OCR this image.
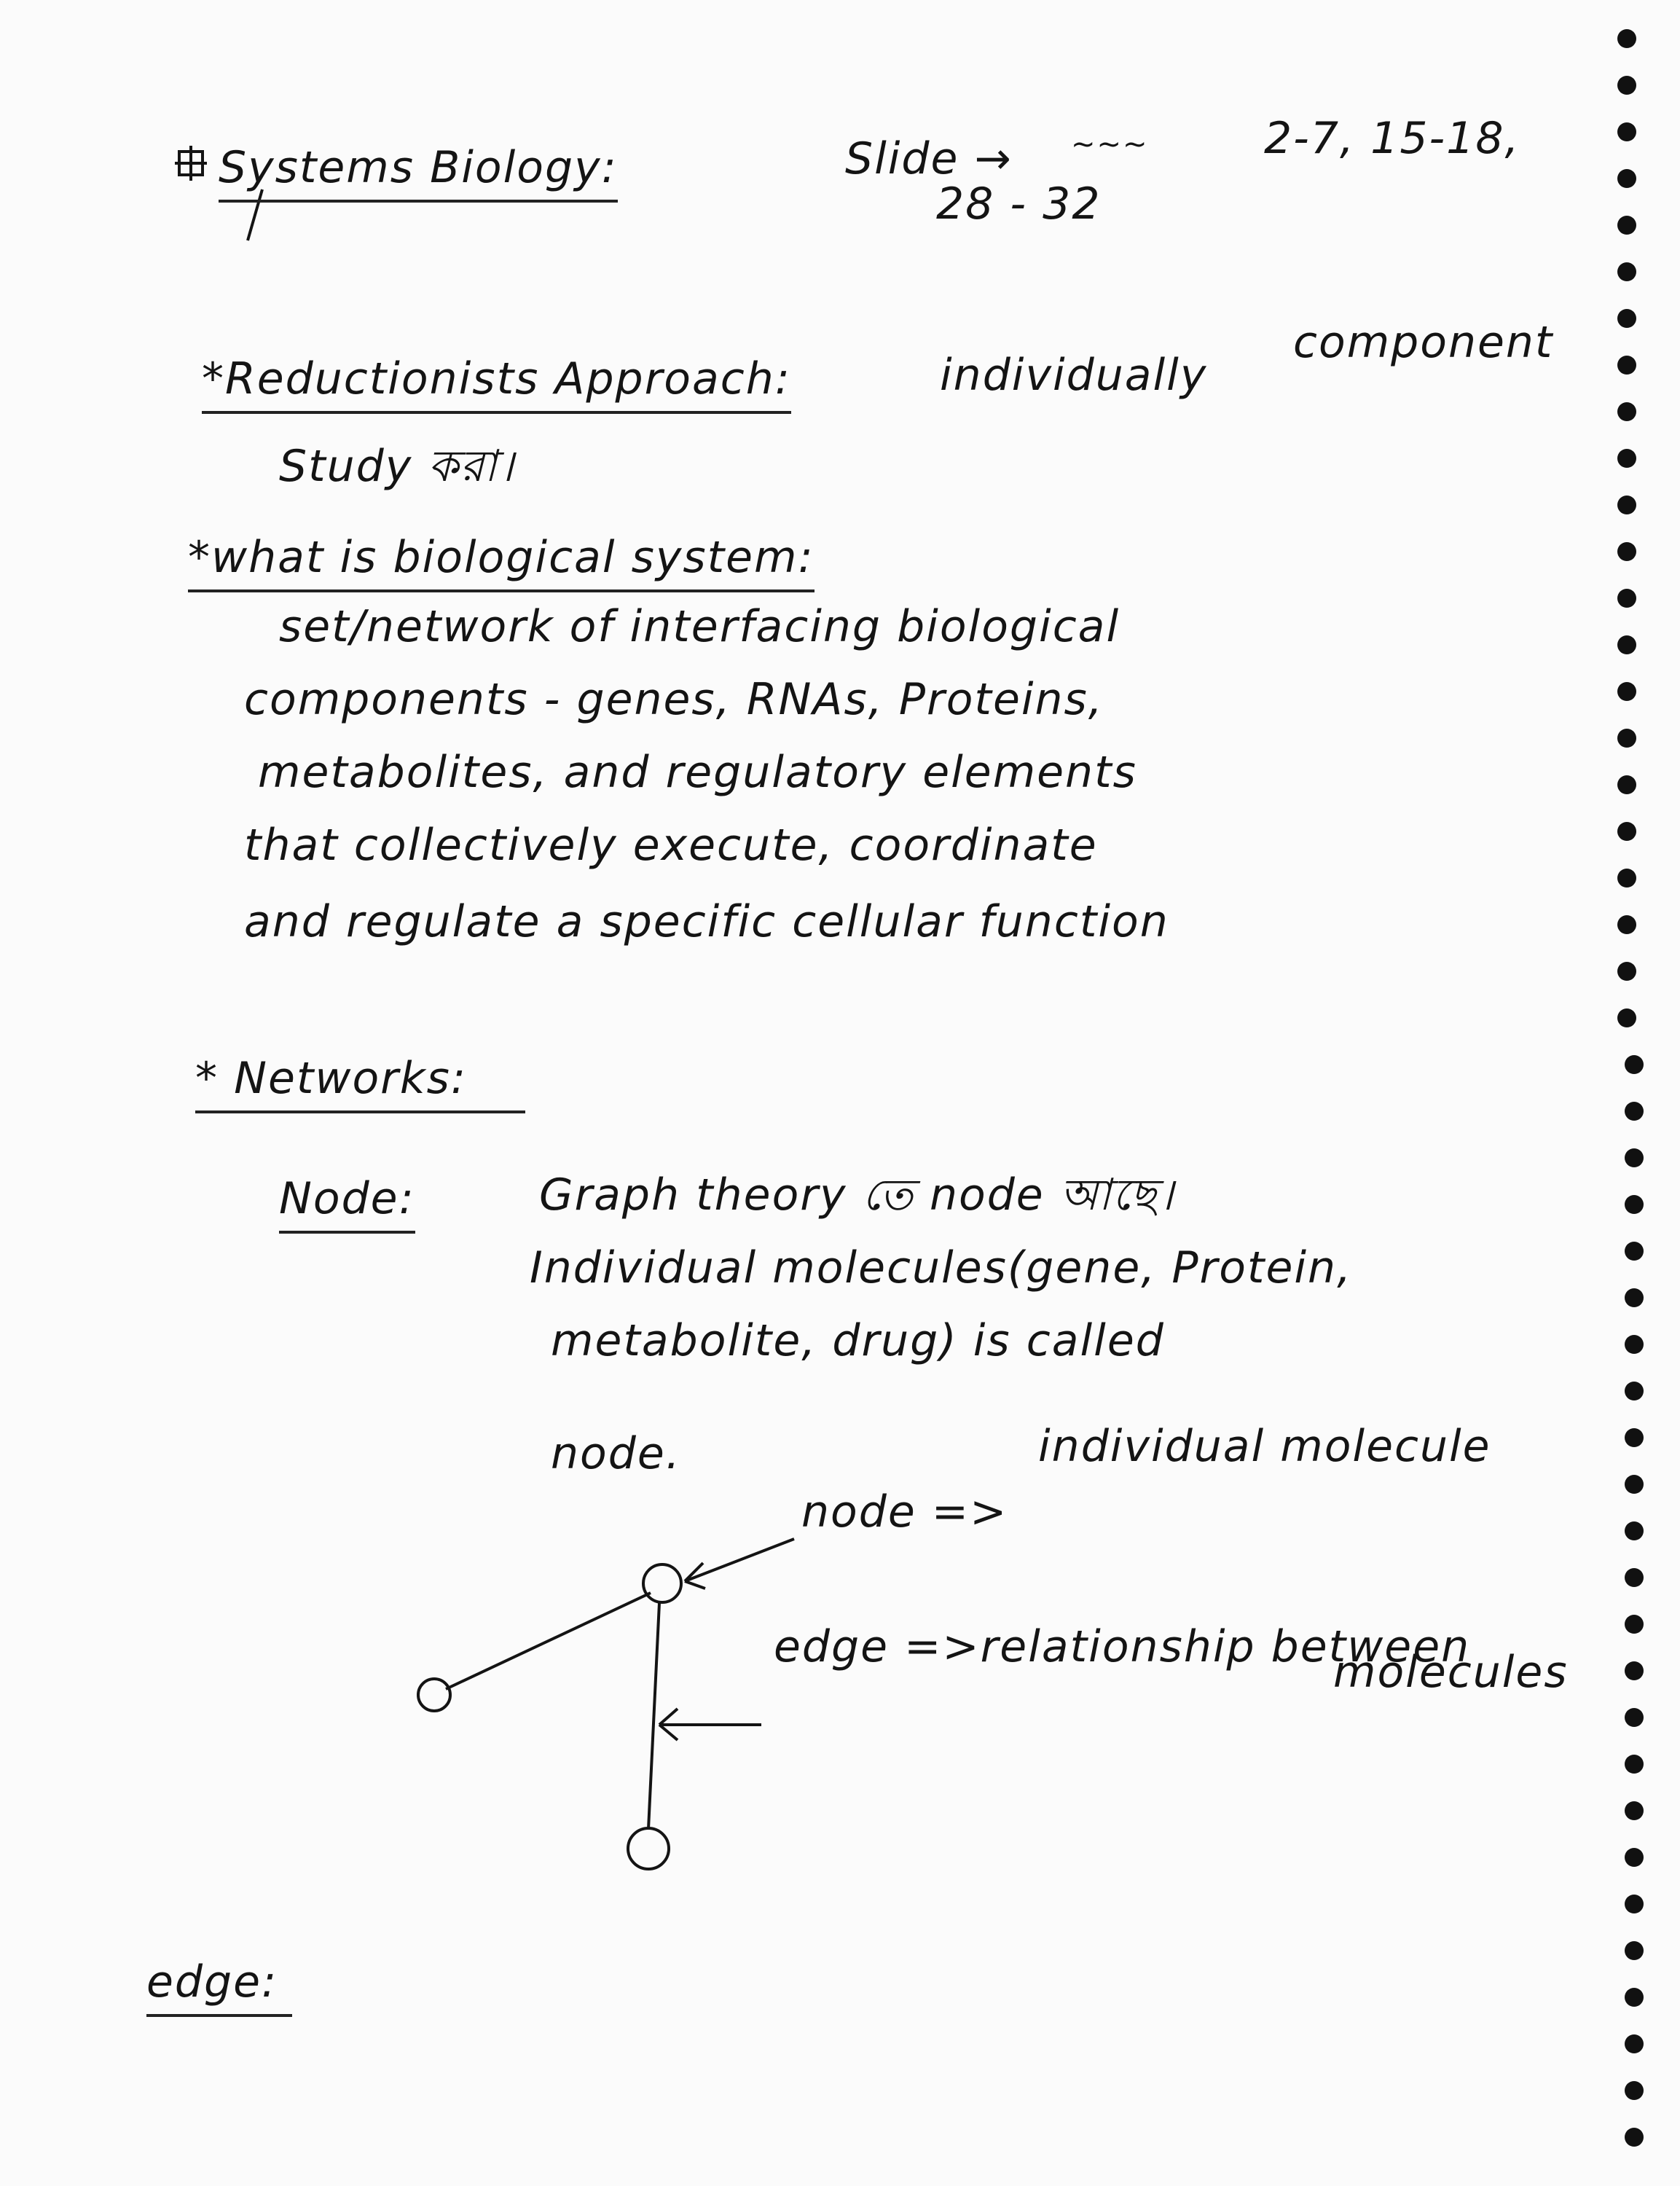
Systems Biology:	Slide → ~~~	2-7, 15-18,
28 - 32
*Reductionists Approach:	individually
component
Study করা।
*what is biological system:
set/network of interfacing biological
components - genes, RNAs, Proteins,
metabolites, and regulatory elements
that collectively execute, coordinate
and regulate a specific cellular function
* Networks:
Node:	Graph theory তে node আছে।
Individual molecules(gene, Protein,
metabolite, drug) is called
node.
node =>
individual molecule
edge =>relationship between
molecules
edge:
